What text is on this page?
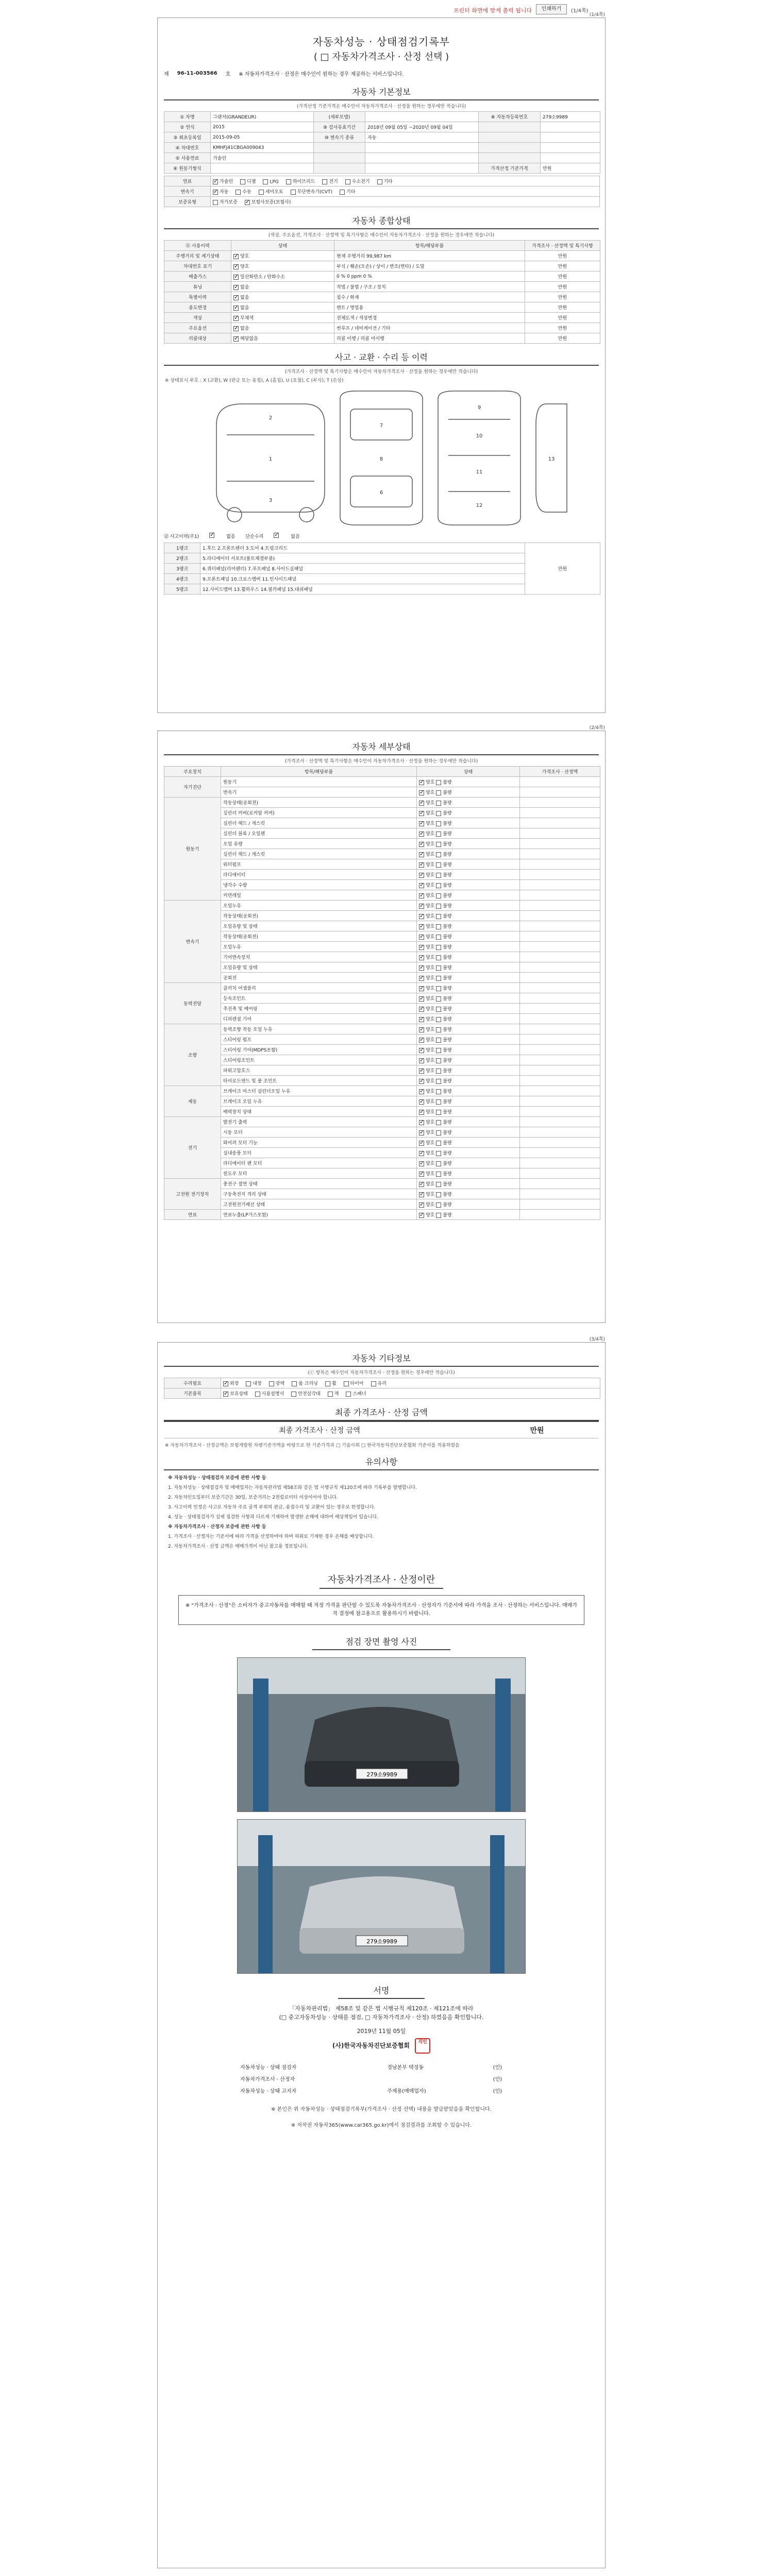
프린터 화면에 맞게 출력 됩니다	인쇄하기	(1/4쪽)
(1/4쪽)
자동차성능 · 상태점검기록부
( □ 자동차가격조사 · 산정 선택 )
제 96-11-003566 호 ※ 자동차가격조사 · 산정은 매수인이 원하는 경우 제공하는 서비스입니다.
자동차 기본정보
(가격산정 기준가격은 매수인이 자동차가격조사 · 산정을 원하는 경우에만 적습니다)
① 차명	그랜저(GRANDEUR)	(세부모델)		⑧ 자동차등록번호	279소9989
② 연식	2015	⑨ 검사유효기간	2018년 09월 05일 ~2020년 09월 04일		
③ 최초등록일	2015-09-05	⑩ 변속기 종류	자동		
④ 차대번호	KMHFJ41CBGA009043				
⑤ 사용연료	가솔린				
⑥ 원동기형식				가격산정 기준가격	만원
연료	✓가솔린 디젤 LPG 하이브리드 전기 수소전기 기타
변속기	✓자동 수동 세미오토 무단변속기(CVT) 기타
보증유형	자가보증 ✓ 보험사보증(보험사)
자동차 종합상태
(색상, 주요옵션, 가격조사 · 산정액 및 특기사항은 매수인이 자동차가격조사 · 산정을 원하는 경우에만 적습니다)
⑪ 사용이력	상태	항목/해당부품	가격조사 · 산정액 및 특기사항
주행거리 및 계기상태	✓양호	현재 주행거리 99,987 km	만원
차대번호 표기	✓양호	부식 / 훼손(오손) / 상이 / 변조(변타) / 도말	만원
배출가스	✓일산화탄소 / 탄화수소	0 % 0 ppm 0 %	만원
튜닝	✓없음	적법 / 불법 / 구조 / 장치	만원
특별이력	✓없음	침수 / 화재	만원
용도변경	✓없음	렌트 / 영업용	만원
색상	✓무채색	전체도색 / 색상변경	만원
주요옵션	✓없음	썬루프 / 네비게이션 / 기타	만원
리콜대상	✓해당없음	리콜 이행 / 리콜 미이행	만원
사고 · 교환 · 수리 등 이력
(가격조사 · 산정액 및 특기사항은 매수인이 자동차가격조사 · 산정을 원하는 경우에만 적습니다)
※ 상태표시 부호 : X (교환), W (판금 또는 용접), A (흠집), U (요철), C (부식), T (손상)
1
2
3
7
8
6
9
10
11
12
13
⑫ 사고이력(주1) ✓	없음 단순수리 ✓	없음
1랭크	1.후드 2.프론트펜더 3.도어 4.트렁크리드	만원
2랭크	5.라디에이터 서포트(볼트체결부품)	
3랭크	6.쿼터패널(리어펜더) 7.루프패널 8.사이드실패널	
4랭크	9.프론트패널 10.크로스멤버 11.인사이드패널	
5랭크	12.사이드멤버 13.휠하우스 14.필러패널 15.대쉬패널	
(2/4쪽)
자동차 세부상태
(가격조사 · 산정액 및 특기사항은 매수인이 자동차가격조사 · 산정을 원하는 경우에만 적습니다)
주요장치	항목/해당부품	상태	가격조사 · 산정액
자기진단	원동기	✓양호 불량	
	변속기	✓양호 불량	
원동기	작동상태(공회전)	✓양호 불량	
	실린더 커버(로커암 커버)	✓양호 불량	
	실린더 헤드 / 개스킷	✓양호 불량	
	실린더 블록 / 오일팬	✓양호 불량	
	오일 유량	✓양호 불량	
	실린더 헤드 / 개스킷	✓양호 불량	
	워터펌프	✓양호 불량	
	라디에이터	✓양호 불량	
	냉각수 수량	✓양호 불량	
	커먼레일	✓양호 불량	
변속기	오일누유	✓양호 불량	
	작동상태(공회전)	✓양호 불량	
	오일유량 및 상태	✓양호 불량	
	작동상태(공회전)	✓양호 불량	
	오일누유	✓양호 불량	
	기어변속장치	✓양호 불량	
	오일유량 및 상태	✓양호 불량	
	공회전	✓양호 불량	
동력전달	클러치 어셈블리	✓양호 불량	
	등속조인트	✓양호 불량	
	추진축 및 베어링	✓양호 불량	
	디퍼렌셜 기어	✓양호 불량	
조향	동력조향 작동 오일 누유	✓양호 불량	
	스티어링 펌프	✓양호 불량	
	스티어링 기어(MDPS포함)	✓양호 불량	
	스티어링조인트	✓양호 불량	
	파워고압호스	✓양호 불량	
	타이로드엔드 및 볼 조인트	✓양호 불량	
제동	브레이크 마스터 실린더오일 누유	✓양호 불량	
	브레이크 오일 누유	✓양호 불량	
	배력장치 상태	✓양호 불량	
전기	발전기 출력	✓양호 불량	
	시동 모터	✓양호 불량	
	와이퍼 모터 기능	✓양호 불량	
	실내송풍 모터	✓양호 불량	
	라디에이터 팬 모터	✓양호 불량	
	윈도우 모터	✓양호 불량	
고전원 전기장치	충전구 절연 상태	✓양호 불량	
	구동축전지 격리 상태	✓양호 불량	
	고전원전기배선 상태	✓양호 불량	
연료	연료누출(LP가스포함)	✓양호 불량	
(3/4쪽)
자동차 기타정보
(ⓒ 항목은 매수인이 자동차가격조사 · 산정을 원하는 경우에만 적습니다)
수리필요	✓외장 내장 광택 룸 크리닝 휠 타이어 유리
기본품목	✓보유상태 사용설명서 안전삼각대 잭 스패너
최종 가격조사 · 산정 금액
최종 가격조사 · 산정 금액	만원
※ 자동차가격조사 · 산정금액은 보험개발원 차량기준가액을 바탕으로 한 기준가격과 □ 기술사회 □ 한국자동차진단보증협회 기준서를 적용하였음
유의사항
※ 자동차성능 · 상태점검자 보증에 관한 사항 등
1. 자동차성능 · 상태점검자 및 매매업자는 자동차관리법 제58조와 같은 법 시행규칙 제120조에 따라 기록부를 발행합니다.
2. 자동차인도일부터 보증기간은 30일, 보증거리는 2천킬로미터 이상이어야 합니다.
3. 사고이력 인정은 사고로 자동차 주요 골격 부위의 판금, 용접수리 및 교환이 있는 경우로 한정합니다.
4. 성능 · 상태점검자가 실제 점검한 사항과 다르게 기재하여 발생한 손해에 대하여 배상책임이 있습니다.
※ 자동차가격조사 · 산정자 보증에 관한 사항 등
1. 가격조사 · 산정자는 기준서에 따라 가격을 산정하여야 하며 허위로 기재한 경우 손해를 배상합니다.
2. 자동차가격조사 · 산정 금액은 매매가격이 아닌 참고용 정보입니다.
자동차가격조사 · 산정이란
※ "가격조사 · 산정"은 소비자가 중고자동차를 매매할 때 적정 가격을 판단할 수 있도록 자동차가격조사 · 산정자가 기준서에 따라 가격을 조사 · 산정하는 서비스입니다. 매매가격 결정에 참고용으로 활용하시기 바랍니다.
점검 장면 촬영 사진
279소9989
279소9989
서명
「자동차관리법」 제58조 및 같은 법 시행규칙 제120조 · 제121조에 따라
(□ 중고자동차성능 · 상태를 점검, □ 자동차가격조사 · 산정) 하였음을 확인합니다.
2019년 11월 05일
(사)한국자동차진단보증협회 직인
자동차성능 · 상태 점검자	경남본부 택정동	(인)
자동차가격조사 · 산정자		(인)
자동차성능 · 상태 고지자	주재용(매매업자)	(인)
※ 본인은 위 자동차성능 · 상태점검기록부(가격조사 · 산정 선택) 내용을 발급받았음을 확인합니다.
※ 저작권 자동차365(www.car365.go.kr)에서 점검결과를 조회할 수 있습니다.
